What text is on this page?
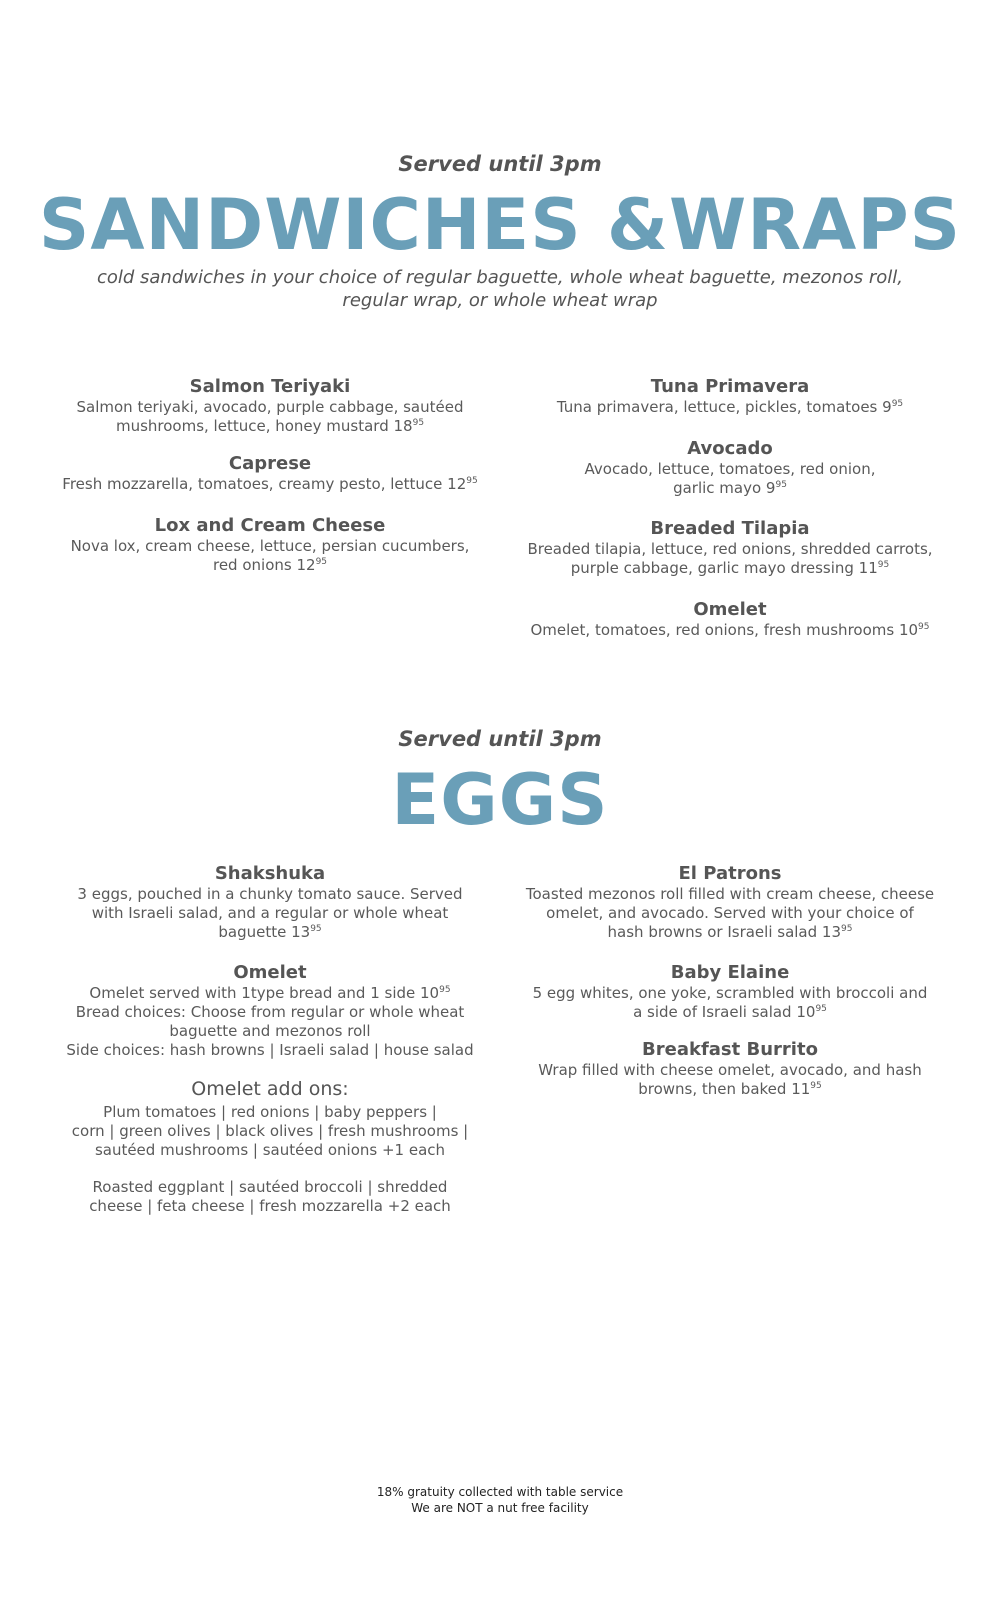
Served until 3pm
SANDWICHES &WRAPS
cold sandwiches in your choice of regular baguette, whole wheat baguette, mezonos roll,
regular wrap, or whole wheat wrap
Salmon Teriyaki
Salmon teriyaki, avocado, purple cabbage, sautéed
mushrooms, lettuce, honey mustard $18^{95}$
Caprese
Fresh mozzarella, tomatoes, creamy pesto, lettuce $12^{95}$
Lox and Cream Cheese
Nova lox, cream cheese, lettuce, persian cucumbers,
red onions $12^{95}$
Tuna Primavera
Tuna primavera, lettuce, pickles, tomatoes $9^{95}$
Avocado
Avocado, lettuce, tomatoes, red onion,
garlic mayo $9^{95}$
Breaded Tilapia
Breaded tilapia, lettuce, red onions, shredded carrots,
purple cabbage, garlic mayo dressing $11^{95}$
Omelet
Omelet, tomatoes, red onions, fresh mushrooms $10^{95}$
Served until 3pm
EGGS
Shakshuka
3 eggs, pouched in a chunky tomato sauce. Served
with Israeli salad, and a regular or whole wheat
baguette $13^{95}$
Omelet
Omelet served with 1type bread and 1 side $10^{95}$
Bread choices: Choose from regular or whole wheat
baguette and mezonos roll
Side choices: hash browns | Israeli salad | house salad
Omelet add ons:
Plum tomatoes | red onions | baby peppers |
corn | green olives | black olives | fresh mushrooms |
sautéed mushrooms | sautéed onions +1 each
Roasted eggplant | sautéed broccoli | shredded
cheese | feta cheese | fresh mozzarella +2 each
El Patrons
Toasted mezonos roll filled with cream cheese, cheese
omelet, and avocado. Served with your choice of
hash browns or Israeli salad $13^{95}$
Baby Elaine
5 egg whites, one yoke, scrambled with broccoli and
a side of Israeli salad $10^{95}$
Breakfast Burrito
Wrap filled with cheese omelet, avocado, and hash
browns, then baked $11^{95}$
18% gratuity collected with table service
We are NOT a nut free facility
